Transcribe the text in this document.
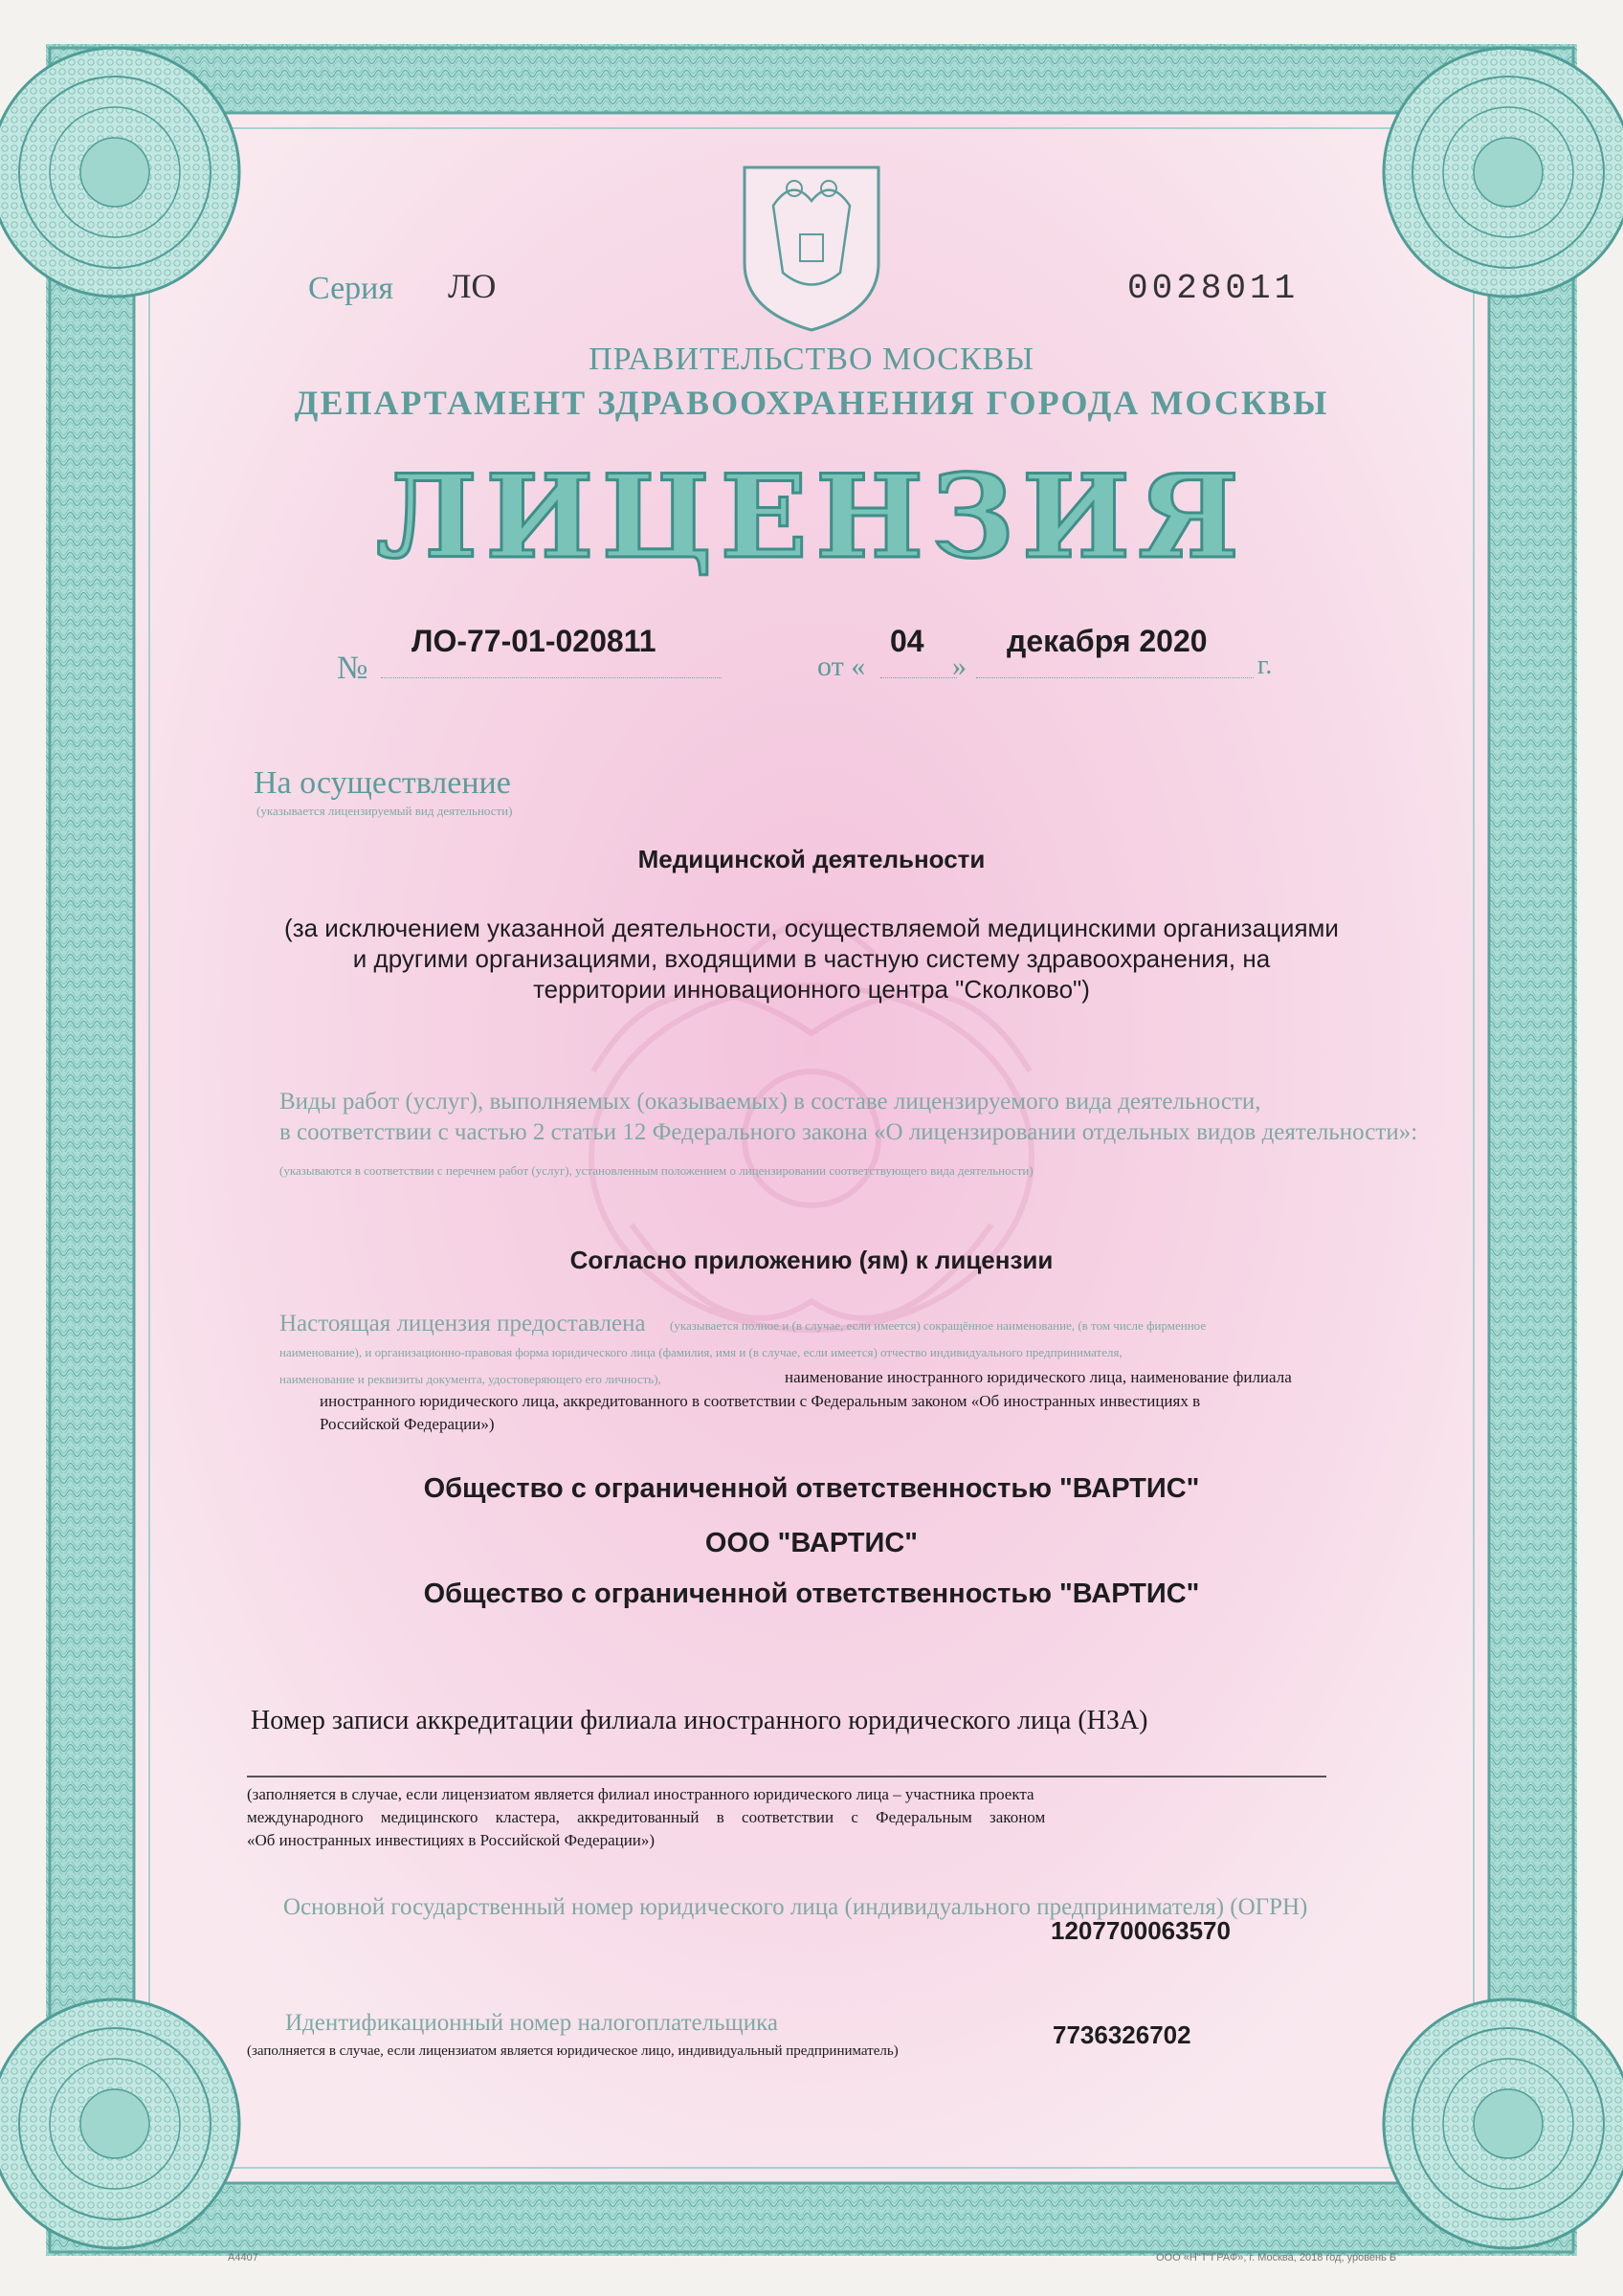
Серия ЛО	0028011
ПРАВИТЕЛЬСТВО МОСКВЫ
ДЕПАРТАМЕНТ ЗДРАВООХРАНЕНИЯ ГОРОДА МОСКВЫ
ЛИЦЕНЗИЯ
№
ЛО-77-01-020811
от «
04
»
декабря 2020
г.
На осуществление
(указывается лицензируемый вид деятельности)
Медицинской деятельности
(за исключением указанной деятельности, осуществляемой медицинскими организациями
и другими организациями, входящими в частную систему здравоохранения, на
территории инновационного центра "Сколково")
Виды работ (услуг), выполняемых (оказываемых) в составе лицензируемого вида деятельности,
в соответствии с частью 2 статьи 12 Федерального закона «О лицензировании отдельных видов деятельности»:
(указываются в соответствии с перечнем работ (услуг), установленным положением о лицензировании соответствующего вида деятельности)
Согласно приложению (ям) к лицензии
Настоящая лицензия предоставлена (указывается полное и (в случае, если имеется) сокращённое наименование, (в том числе фирменное
наименование), и организационно-правовая форма юридического лица (фамилия, имя и (в случае, если имеется) отчество индивидуального предпринимателя,
наименование и реквизиты документа, удостоверяющего его личность),	наименование иностранного юридического лица, наименование филиала
иностранного юридического лица, аккредитованного в соответствии с Федеральным законом «Об иностранных инвестициях в
Российской Федерации»)
Общество с ограниченной ответственностью "ВАРТИС"
ООО "ВАРТИС"
Общество с ограниченной ответственностью "ВАРТИС"
Номер записи аккредитации филиала иностранного юридического лица (НЗА)
(заполняется в случае, если лицензиатом является филиал иностранного юридического лица – участника проекта
международного медицинского кластера, аккредитованный в соответствии с Федеральным законом
«Об иностранных инвестициях в Российской Федерации»)
Основной государственный номер юридического лица (индивидуального предпринимателя) (ОГРН)
1207700063570
Идентификационный номер налогоплательщика
(заполняется в случае, если лицензиатом является юридическое лицо, индивидуальный предприниматель)
7736326702
А4407	ООО «Н"Т"ГРАФ», г. Москва, 2018 год, уровень Б
